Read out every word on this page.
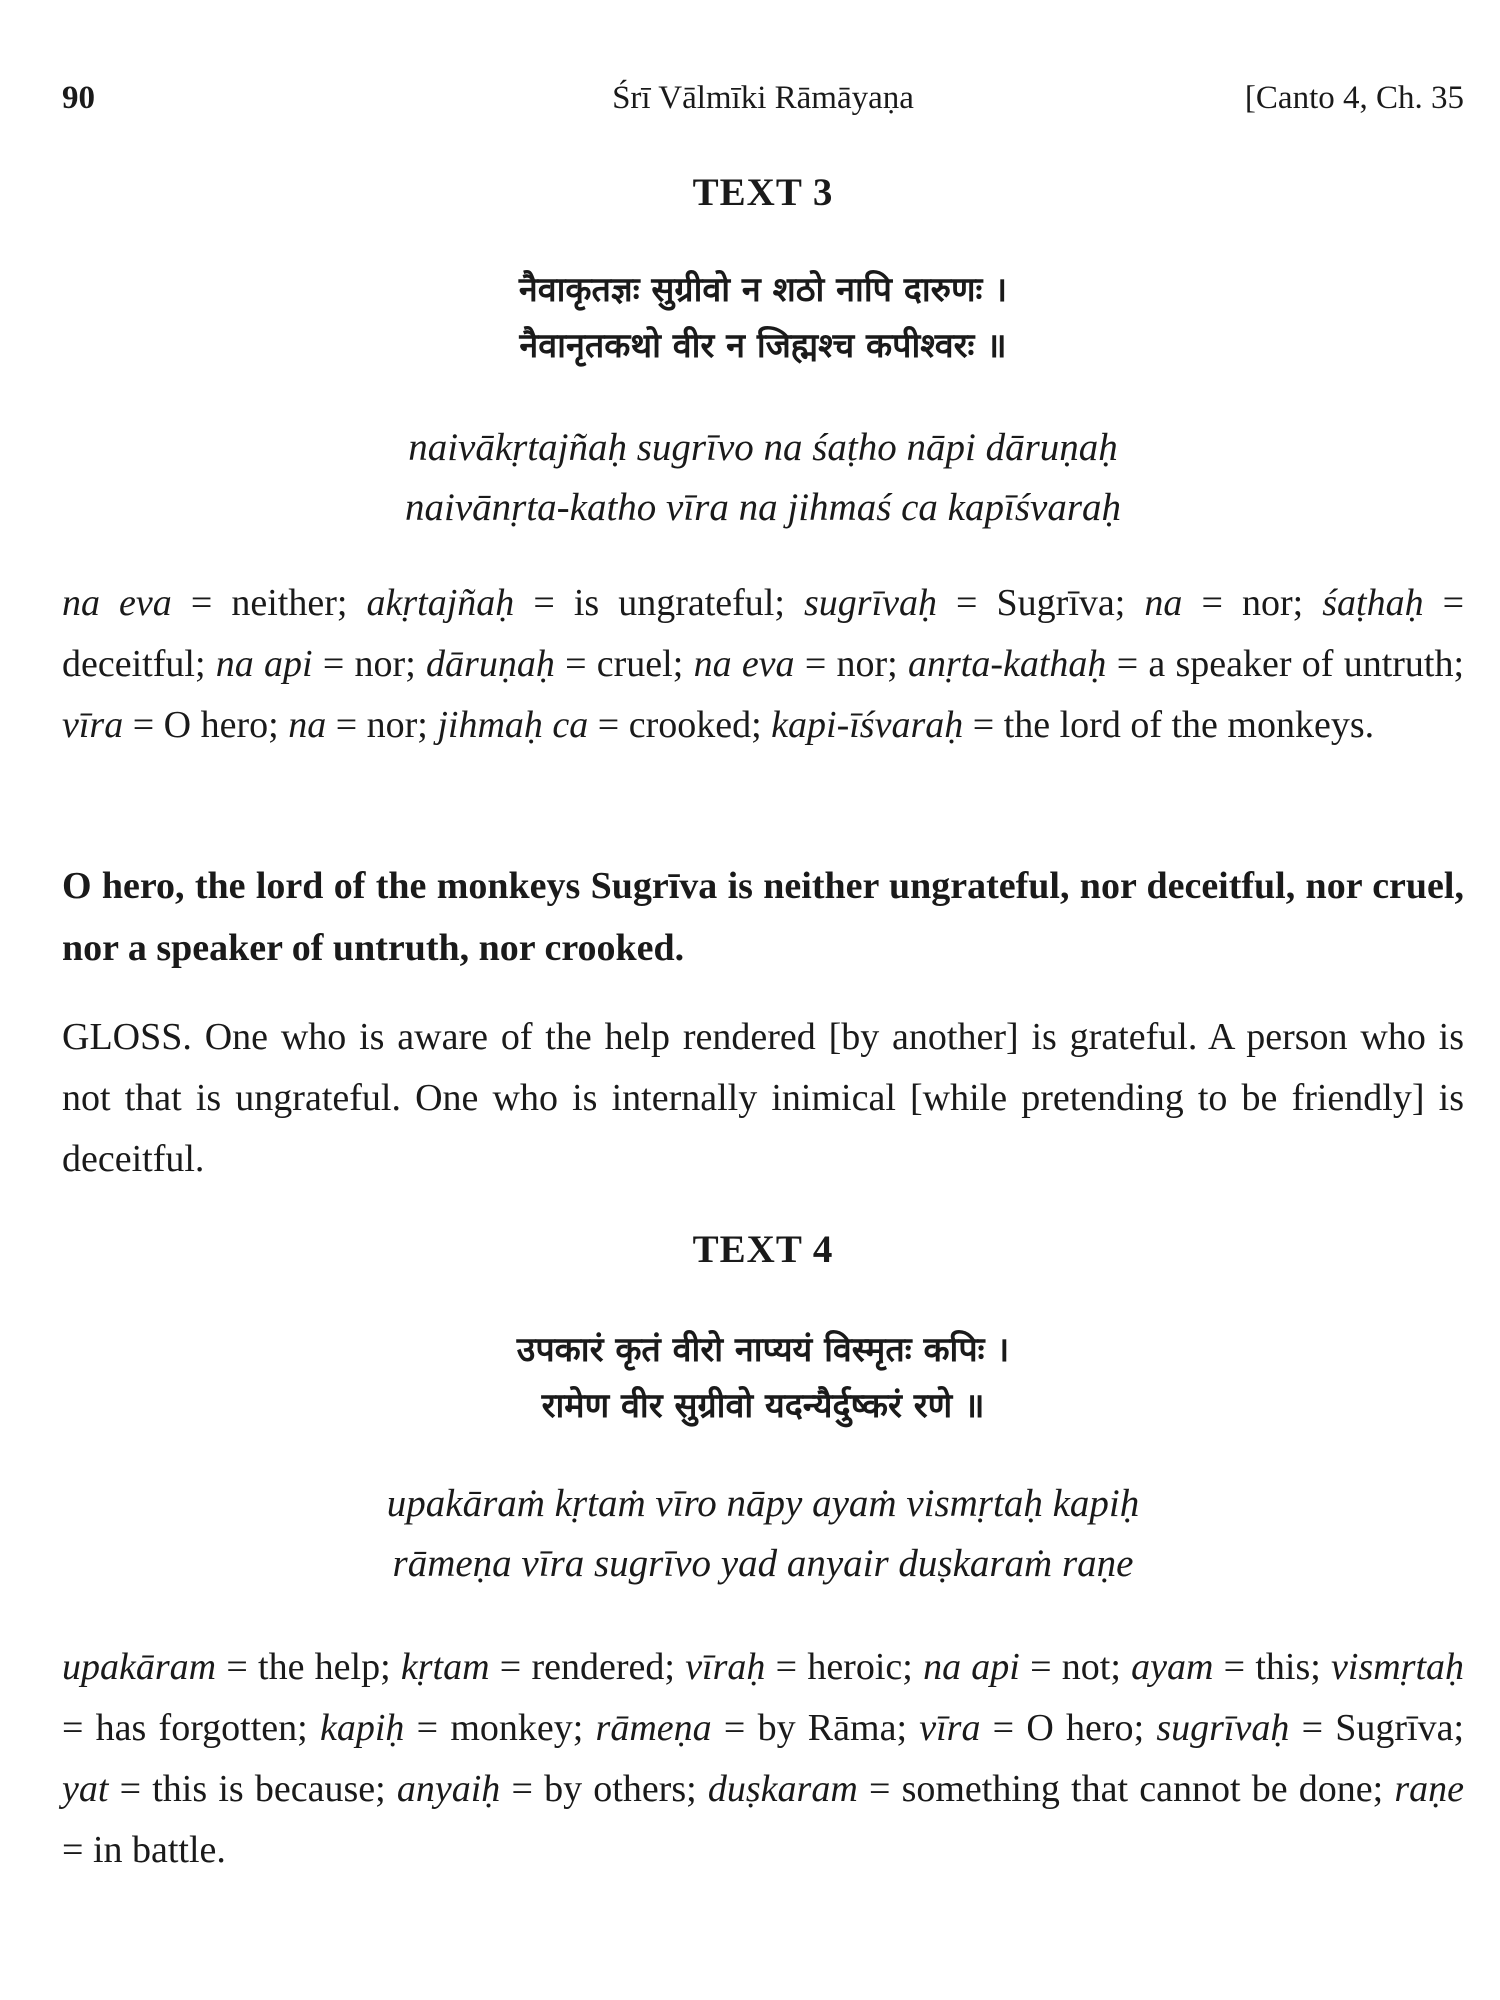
Śrī Vālmīki Rāmāyaṇa
90	[Canto 4, Ch. 35
TEXT 3
नैवाकृतज्ञः सुग्रीवो न शठो नापि दारुणः ।
नैवानृतकथो वीर न जिह्मश्च कपीश्वरः ॥
naivākṛtajñaḥ sugrīvo na śaṭho nāpi dāruṇaḥ
naivānṛta-katho vīra na jihmaś ca kapīśvaraḥ
na eva = neither; akṛtajñaḥ = is ungrateful; sugrīvaḥ = Sugrīva; na = nor; śaṭhaḥ = deceitful; na api = nor; dāruṇaḥ = cruel; na eva = nor; anṛta-kathaḥ = a speaker of untruth; vīra = O hero; na = nor; jihmaḥ ca = crooked; kapi-īśvaraḥ = the lord of the monkeys.
O hero, the lord of the monkeys Sugrīva is neither ungrateful, nor deceitful, nor cruel, nor a speaker of untruth, nor crooked.
GLOSS. One who is aware of the help rendered [by another] is grateful. A person who is not that is ungrateful. One who is internally inimical [while pretending to be friendly] is deceitful.
TEXT 4
उपकारं कृतं वीरो नाप्ययं विस्मृतः कपिः ।
रामेण वीर सुग्रीवो यदन्यैर्दुष्करं रणे ॥
upakāraṁ kṛtaṁ vīro nāpy ayaṁ vismṛtaḥ kapiḥ
rāmeṇa vīra sugrīvo yad anyair duṣkaraṁ raṇe
upakāram = the help; kṛtam = rendered; vīraḥ = heroic; na api = not; ayam = this; vismṛtaḥ = has forgotten; kapiḥ = monkey; rāmeṇa = by Rāma; vīra = O hero; sugrīvaḥ = Sugrīva; yat = this is because; anyaiḥ = by others; duṣkaram = something that cannot be done; raṇe = in battle.
